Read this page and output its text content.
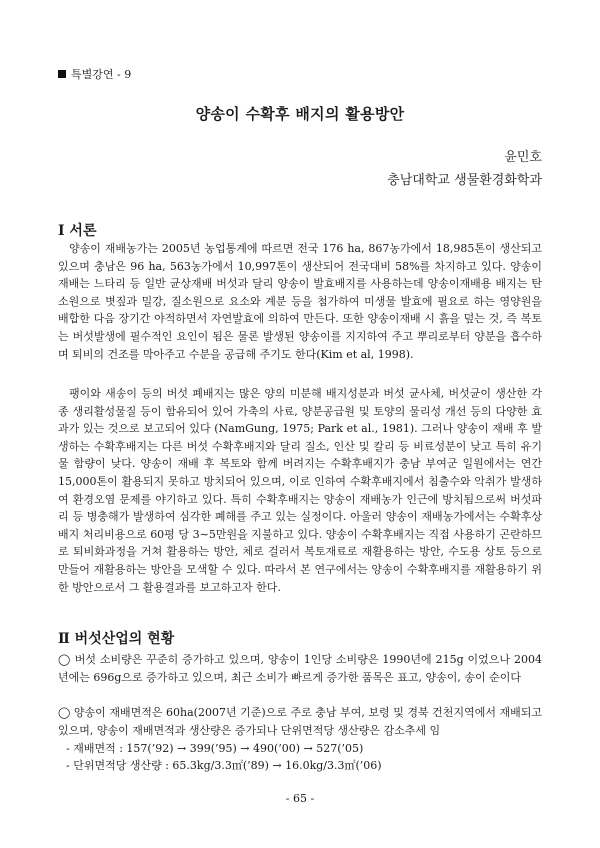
특별강연 - 9
양송이 수확후 배지의 활용방안
윤민호
충남대학교 생물환경화학과
Ⅰ 서론

양송이 재배농가는 2005년 농업통계에 따르면 전국 176 ha, 867농가에서 18,985톤이 생산되고 있으며 충남은 96 ha, 563농가에서 10,997톤이 생산되어 전국대비 58%를 차지하고 있다. 양송이 재배는 느타리 등 일반 균상재배 버섯과 달리 양송이 발효배지를 사용하는데 양송이재배용 배지는 탄소원으로 볏짚과 밀강, 질소원으로 요소와 계분 등을 첨가하여 미생물 발효에 필요로 하는 영양원을 배합한 다음 장기간 야적하면서 자연발효에 의하여 만든다. 또한 양송이재배 시 흙을 덮는 것, 즉 복토는 버섯발생에 필수적인 요인이 됨은 물론 발생된 양송이를 지지하여 주고 뿌리로부터 양분을 흡수하며 퇴비의 건조를 막아주고 수분을 공급해 주기도 한다(Kim et al, 1998).

팽이와 새송이 등의 버섯 폐배지는 많은 양의 미분해 배지성분과 버섯 균사체, 버섯균이 생산한 각종 생리활성물질 등이 함유되어 있어 가축의 사료, 양분공급원 및 토양의 물리성 개선 등의 다양한 효과가 있는 것으로 보고되어 있다 (NamGung, 1975; Park et al., 1981). 그러나 양송이 재배 후 발생하는 수확후배지는 다른 버섯 수확후배지와 달리 질소, 인산 및 칼리 등 비료성분이 낮고 특히 유기물 함량이 낮다. 양송이 재배 후 복토와 함께 버려지는 수확후배지가 충남 부여군 일원에서는 연간 15,000톤이 활용되지 못하고 방치되어 있으며, 이로 인하여 수확후배지에서 침출수와 악취가 발생하여 환경오염 문제를 야기하고 있다. 특히 수확후배지는 양송이 재배농가 인근에 방치됨으로써 버섯파리 등 병충해가 발생하여 심각한 폐해를 주고 있는 실정이다. 아울러 양송이 재배농가에서는 수확후상배지 처리비용으로 60평 당 3∼5만원을 지불하고 있다. 양송이 수확후배지는 직접 사용하기 곤란하므로 퇴비화과정을 거쳐 활용하는 방안, 체로 걸러서 복토재료로 재활용하는 방안, 수도용 상토 등으로 만들어 재활용하는 방안을 모색할 수 있다. 따라서 본 연구에서는 양송이 수확후배지를 재활용하기 위한 방안으로서 그 활용결과를 보고하고자 한다.

Ⅱ 버섯산업의 현황

◯ 버섯 소비량은 꾸준히 증가하고 있으며, 양송이 1인당 소비량은 1990년에 215g 이었으나 2004년에는 696g으로 증가하고 있으며, 최근 소비가 빠르게 증가한 품목은 표고, 양송이, 송이 순이다

◯ 양송이 재배면적은 60ha(2007년 기준)으로 주로 충남 부여, 보령 및 경북 건천지역에서 재배되고 있으며, 양송이 재배면적과 생산량은 증가되나 단위면적당 생산량은 감소추세 임

- 재배면적 : 157(’92) → 399(’95) → 490(’00) → 527(’05)
- 단위면적당 생산량 : 65.3kg/3.3㎡(’89) → 16.0kg/3.3㎡(’06)
- 65 -
